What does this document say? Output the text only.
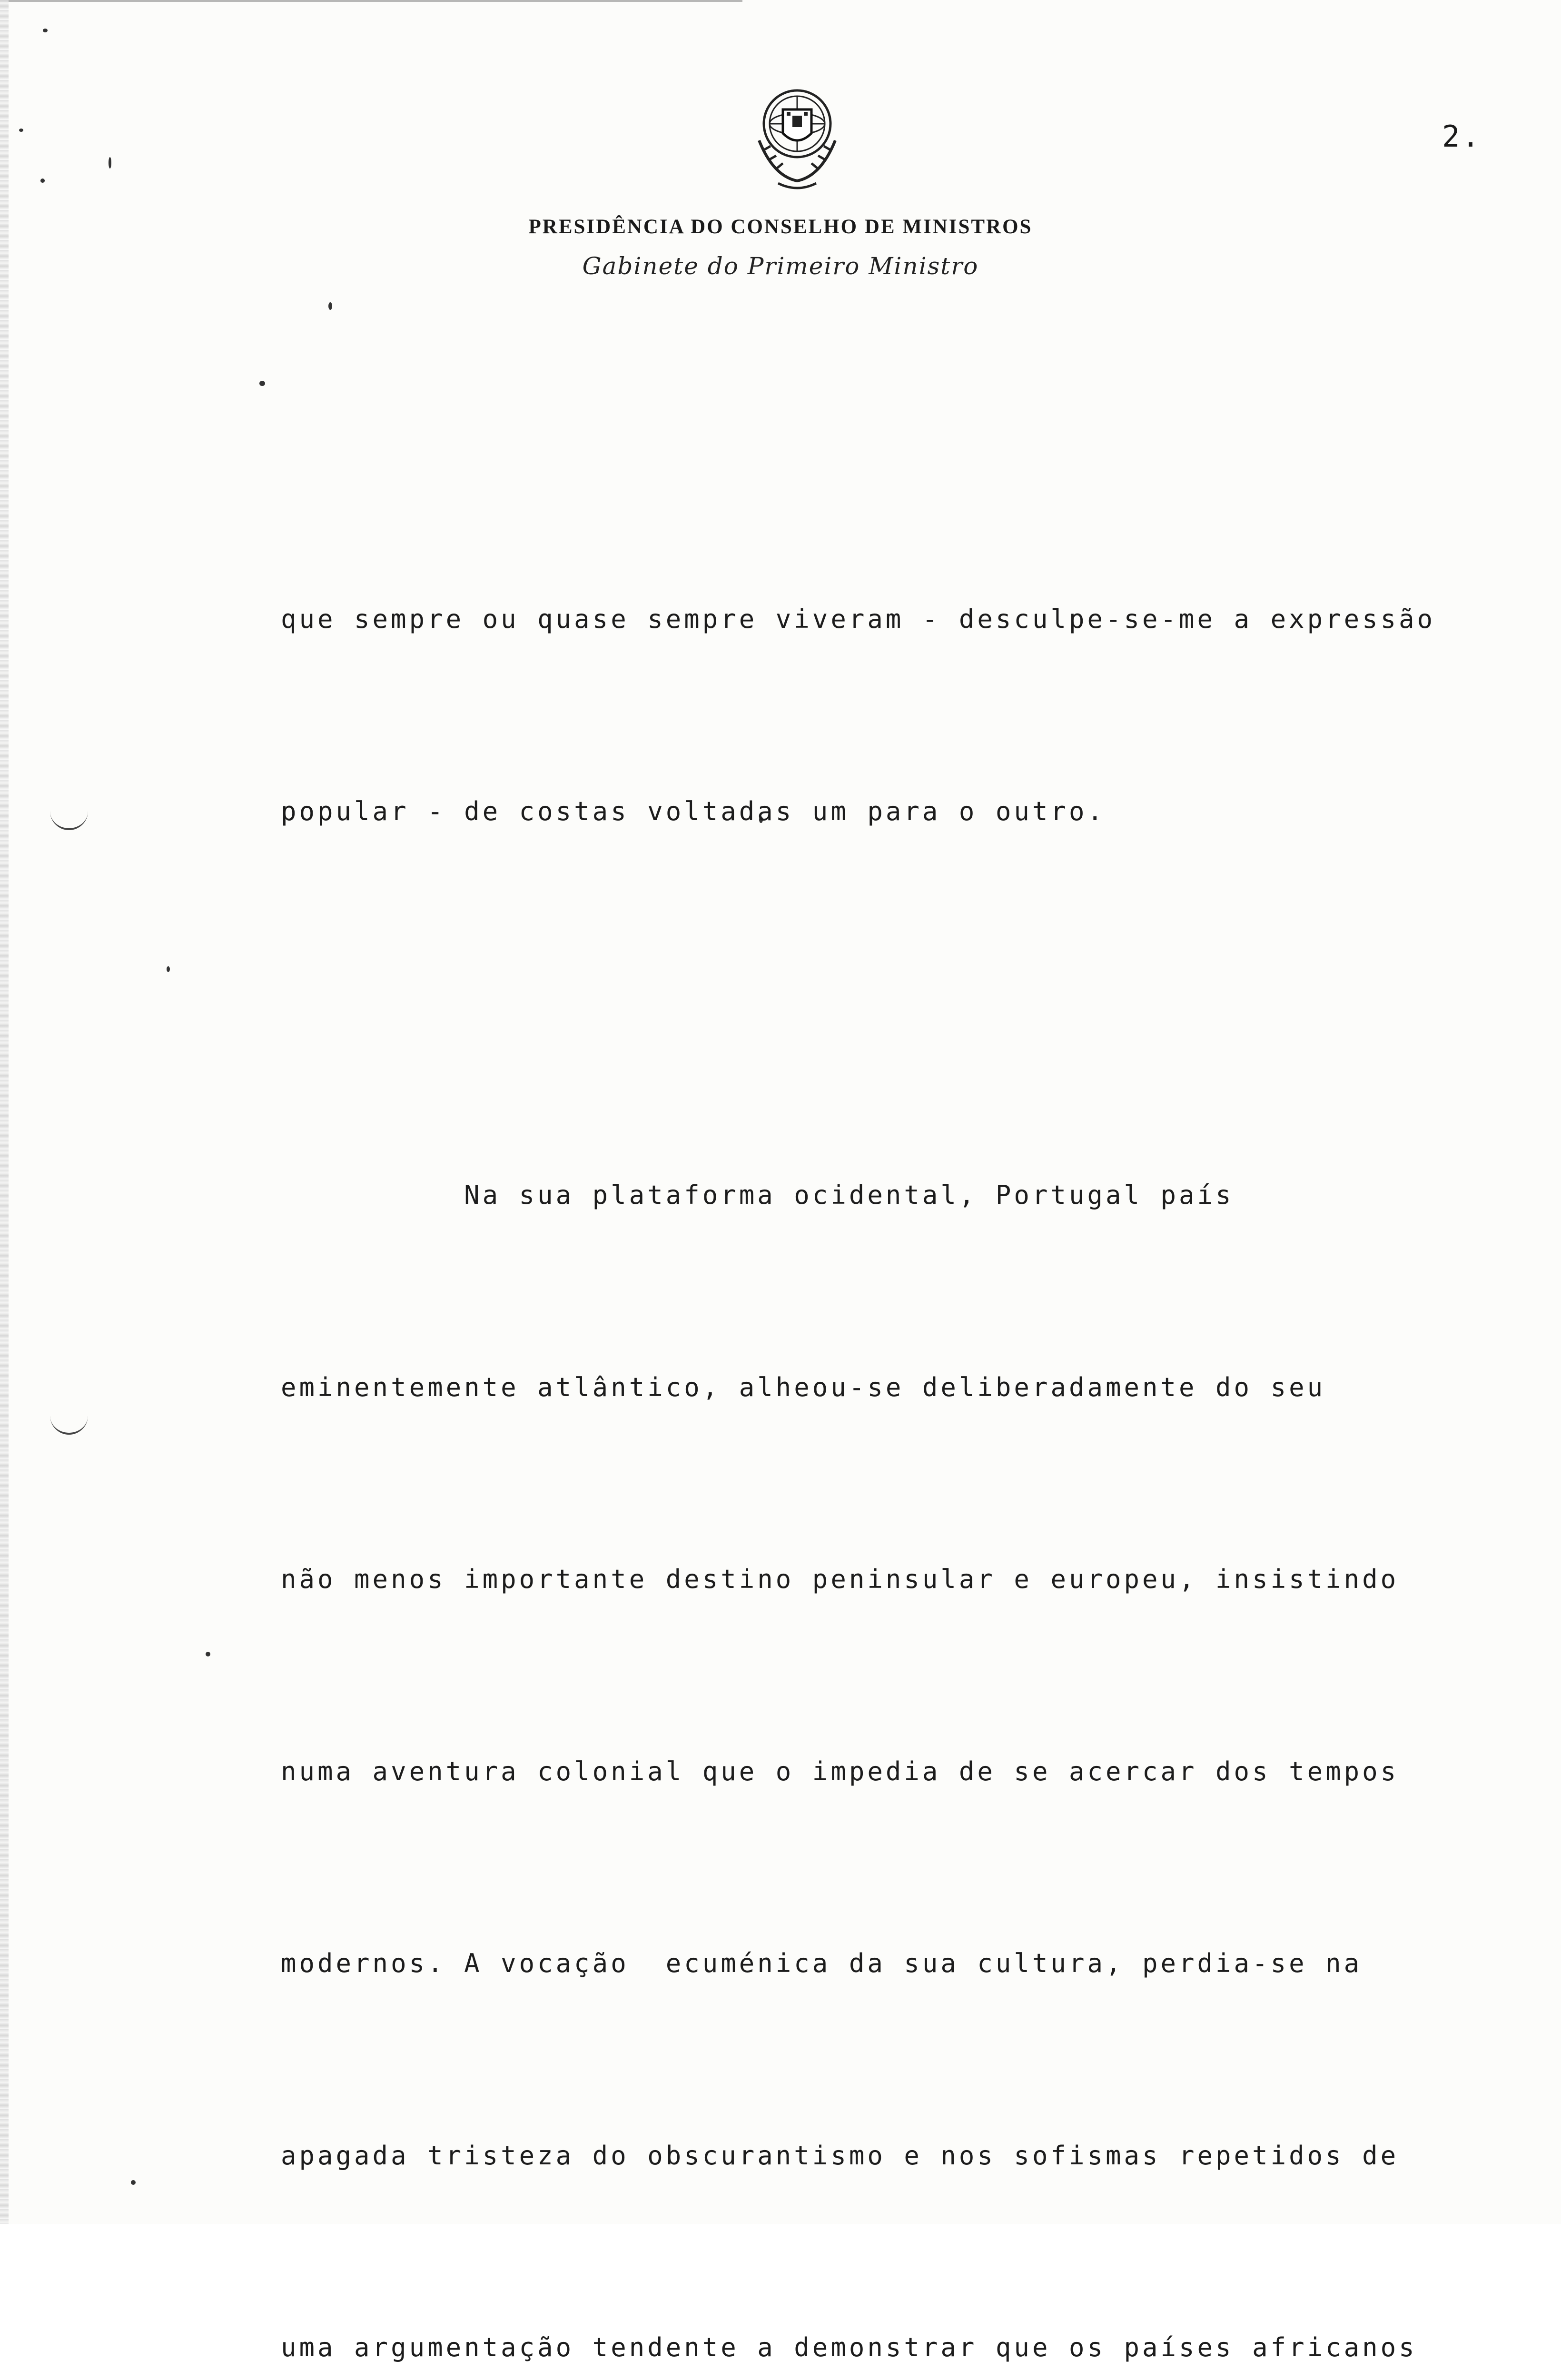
2.
PRESIDÊNCIA DO CONSELHO DE MINISTROS
Gabinete do Primeiro Ministro

que sempre ou quase sempre viveram - desculpe-se-me a expressão

popular - de costas voltadas um para o outro.

Na sua plataforma ocidental, Portugal país

eminentemente atlântico, alheou-se deliberadamente do seu

não menos importante destino peninsular e europeu, insistindo

numa aventura colonial que o impedia de se acercar dos tempos

modernos. A vocação  ecuménica da sua cultura, perdia-se na

apagada tristeza do obscurantismo e nos sofismas repetidos de

uma argumentação tendente a demonstrar que os países africanos
